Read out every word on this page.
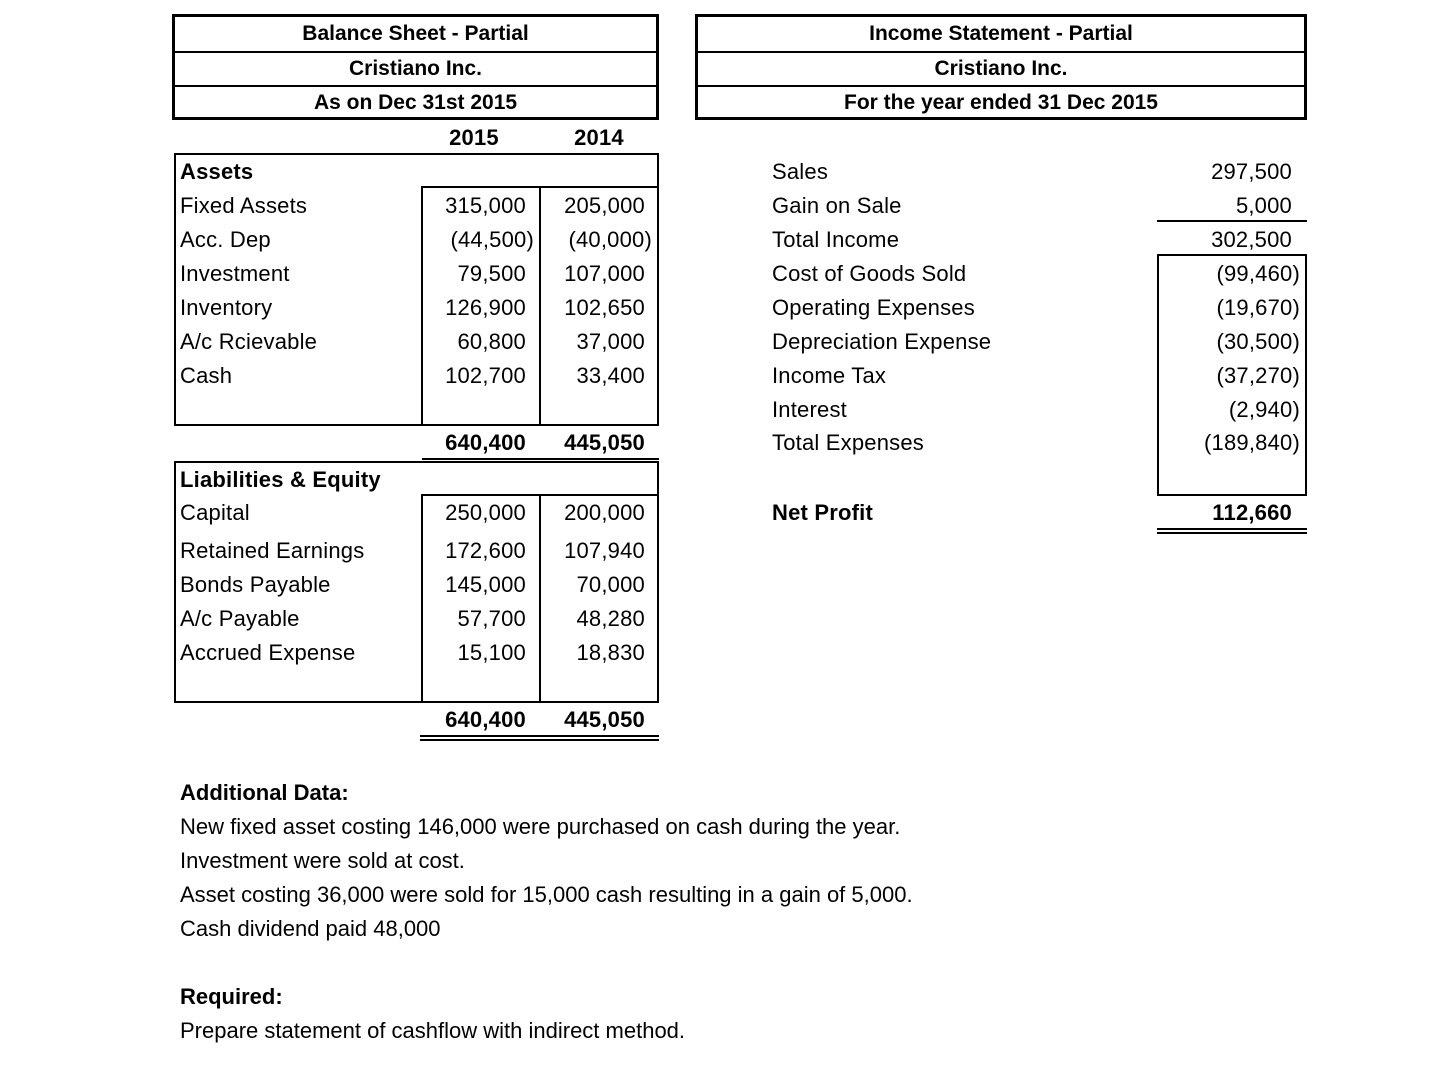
Balance Sheet - Partial
Cristiano Inc.
As on Dec 31st 2015
2015	2014
Assets
Fixed Assets	315,000	205,000
Acc. Dep	(44,500)	(40,000)
Investment	79,500	107,000
Inventory	126,900	102,650
A/c Rcievable	60,800	37,000
Cash	102,700	33,400
640,400	445,050
Liabilities & Equity
Capital	250,000	200,000
Retained Earnings	172,600	107,940
Bonds Payable	145,000	70,000
A/c Payable	57,700	48,280
Accrued Expense	15,100	18,830
640,400	445,050
Income Statement - Partial
Cristiano Inc.
For the year ended 31 Dec 2015
Sales	297,500
Gain on Sale	5,000
Total Income	302,500
Cost of Goods Sold	(99,460)
Operating Expenses	(19,670)
Depreciation Expense	(30,500)
Income Tax	(37,270)
Interest	(2,940)
Total Expenses	(189,840)
Net Profit	112,660
Additional Data:
New fixed asset costing 146,000 were purchased on cash during the year.
Investment were sold at cost.
Asset costing 36,000 were sold for 15,000 cash resulting in a gain of 5,000.
Cash dividend paid 48,000
Required:
Prepare statement of cashflow with indirect method.
